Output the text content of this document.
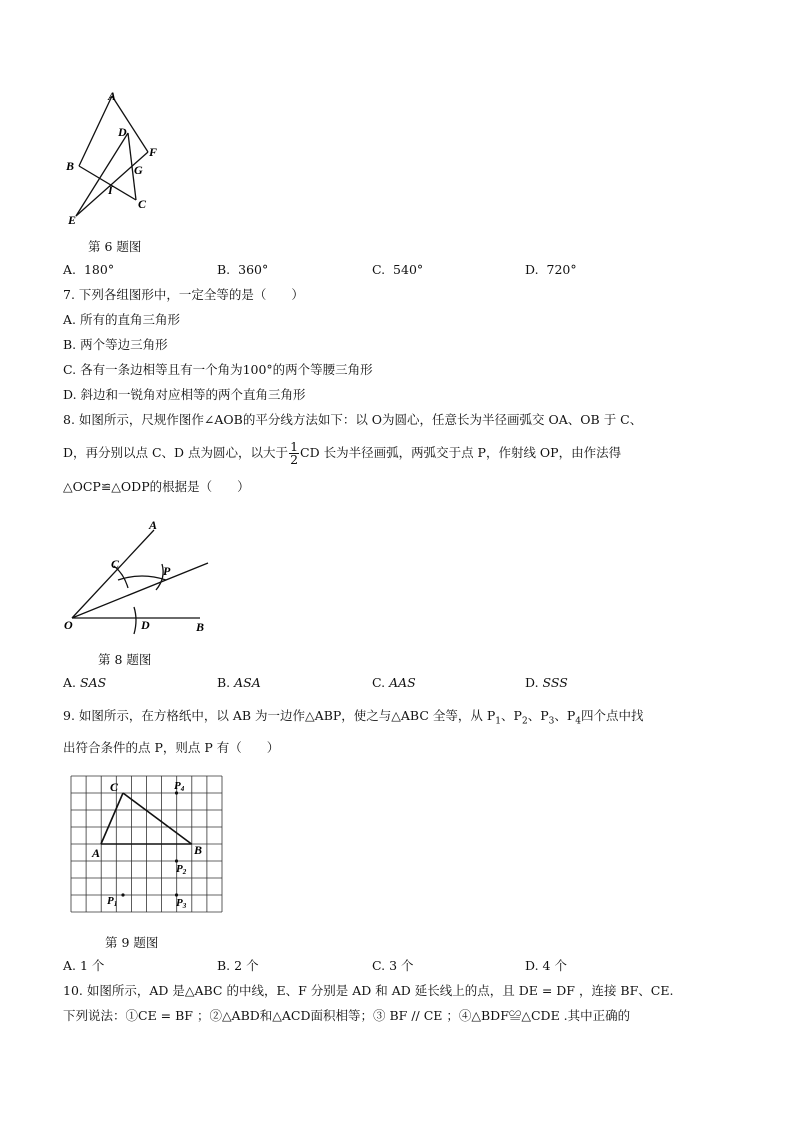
A
B
D
F
G
I
C
E
第 6 题图
A. 180°	B. 360°	C. 540°	D. 720°
7. 下列各组图形中，一定全等的是（　　）
A. 所有的直角三角形
B. 两个等边三角形
C. 各有一条边相等且有一个角为100°的两个等腰三角形
D. 斜边和一锐角对应相等的两个直角三角形
8. 如图所示，尺规作图作∠AOB的平分线方法如下：以 O为圆心，任意长为半径画弧交 OA、OB 于 C、
D，再分别以点 C、D 点为圆心，以大于 $\frac{1}{2}$ CD 长为半径画弧，两弧交于点 P，作射线 OP，由作法得
△OCP≌△ODP的根据是（　　）
A
C	P
O	D	B
第 8 题图
A. SAS	B. ASA	C. AAS	D. SSS
9. 如图所示，在方格纸中，以 AB 为一边作△ABP，使之与△ABC 全等，从 $P_1$、$P_2$、$P_3$、$P_4$四个点中找
出符合条件的点 P，则点 P 有（　　）
C
A	B
P4
P2
P3
P1
第 9 题图
A. 1 个	B. 2 个	C. 3 个	D. 4 个
10. 如图所示，AD 是△ABC 的中线，E、F 分别是 AD 和 AD 延长线上的点，且 DE = DF ，连接 BF、CE.
下列说法：①CE = BF ；②△ABD和△ACD面积相等；③ BF // CE ；④△BDF≌△CDE .其中正确的
